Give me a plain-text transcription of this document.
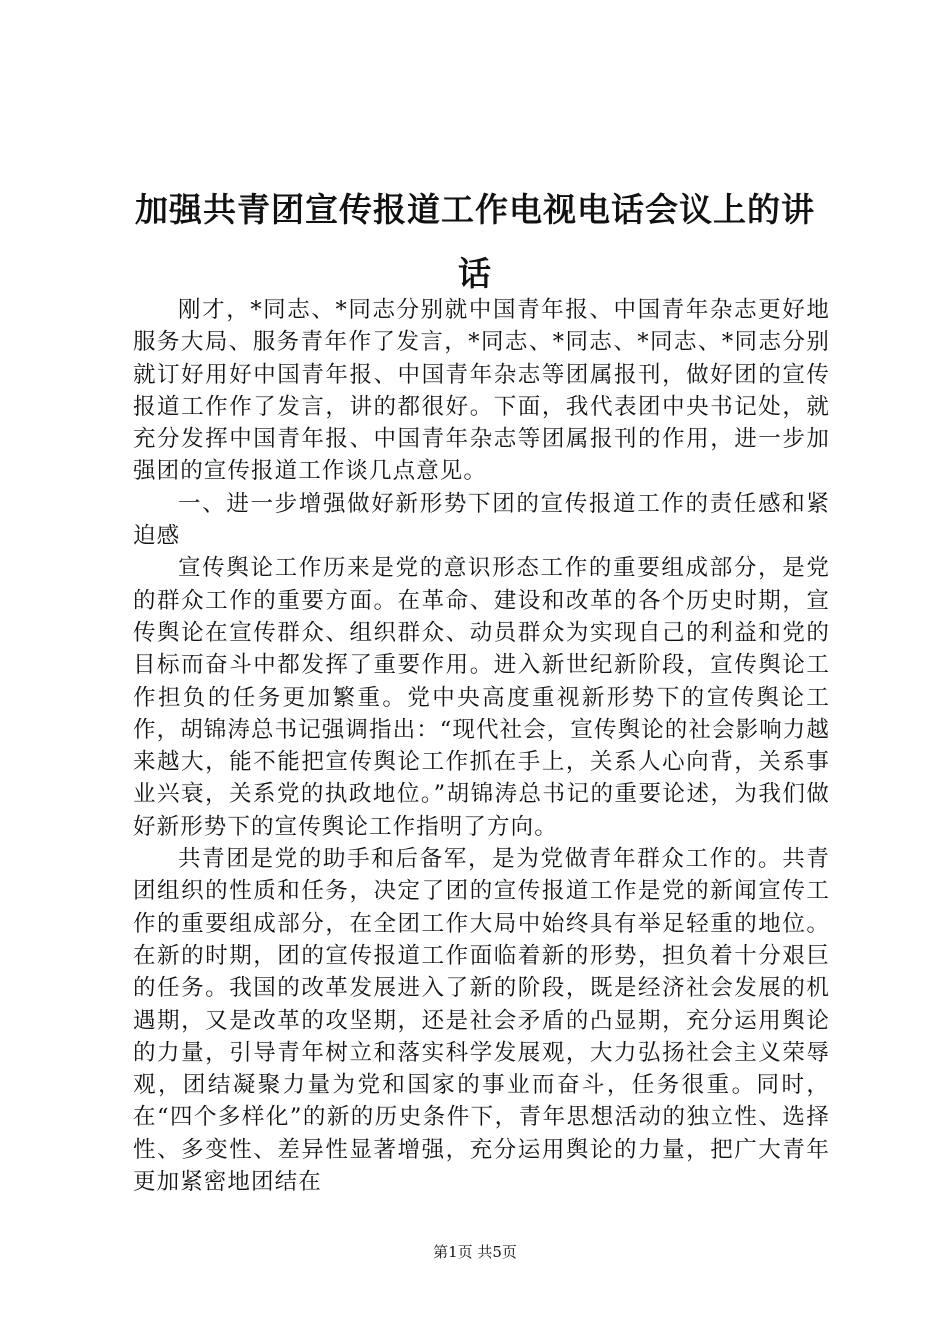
加强共青团宣传报道工作电视电话会议上的讲话

刚才，*同志、*同志分别就中国青年报、中国青年杂志更好地服务大局、服务青年作了发言，*同志、*同志、*同志、*同志分别就订好用好中国青年报、中国青年杂志等团属报刊，做好团的宣传报道工作作了发言，讲的都很好。下面，我代表团中央书记处，就充分发挥中国青年报、中国青年杂志等团属报刊的作用，进一步加强团的宣传报道工作谈几点意见。

一、进一步增强做好新形势下团的宣传报道工作的责任感和紧迫感

宣传舆论工作历来是党的意识形态工作的重要组成部分，是党的群众工作的重要方面。在革命、建设和改革的各个历史时期，宣传舆论在宣传群众、组织群众、动员群众为实现自己的利益和党的目标而奋斗中都发挥了重要作用。进入新世纪新阶段，宣传舆论工作担负的任务更加繁重。党中央高度重视新形势下的宣传舆论工作，胡锦涛总书记强调指出：“现代社会，宣传舆论的社会影响力越来越大，能不能把宣传舆论工作抓在手上，关系人心向背，关系事业兴衰，关系党的执政地位。”胡锦涛总书记的重要论述，为我们做好新形势下的宣传舆论工作指明了方向。

共青团是党的助手和后备军，是为党做青年群众工作的。共青团组织的性质和任务，决定了团的宣传报道工作是党的新闻宣传工作的重要组成部分，在全团工作大局中始终具有举足轻重的地位。在新的时期，团的宣传报道工作面临着新的形势，担负着十分艰巨的任务。我国的改革发展进入了新的阶段，既是经济社会发展的机遇期，又是改革的攻坚期，还是社会矛盾的凸显期，充分运用舆论的力量，引导青年树立和落实科学发展观，大力弘扬社会主义荣辱观，团结凝聚力量为党和国家的事业而奋斗，任务很重。同时，在“四个多样化”的新的历史条件下，青年思想活动的独立性、选择性、多变性、差异性显著增强，充分运用舆论的力量，把广大青年更加紧密地团结在

第1页 共5页
